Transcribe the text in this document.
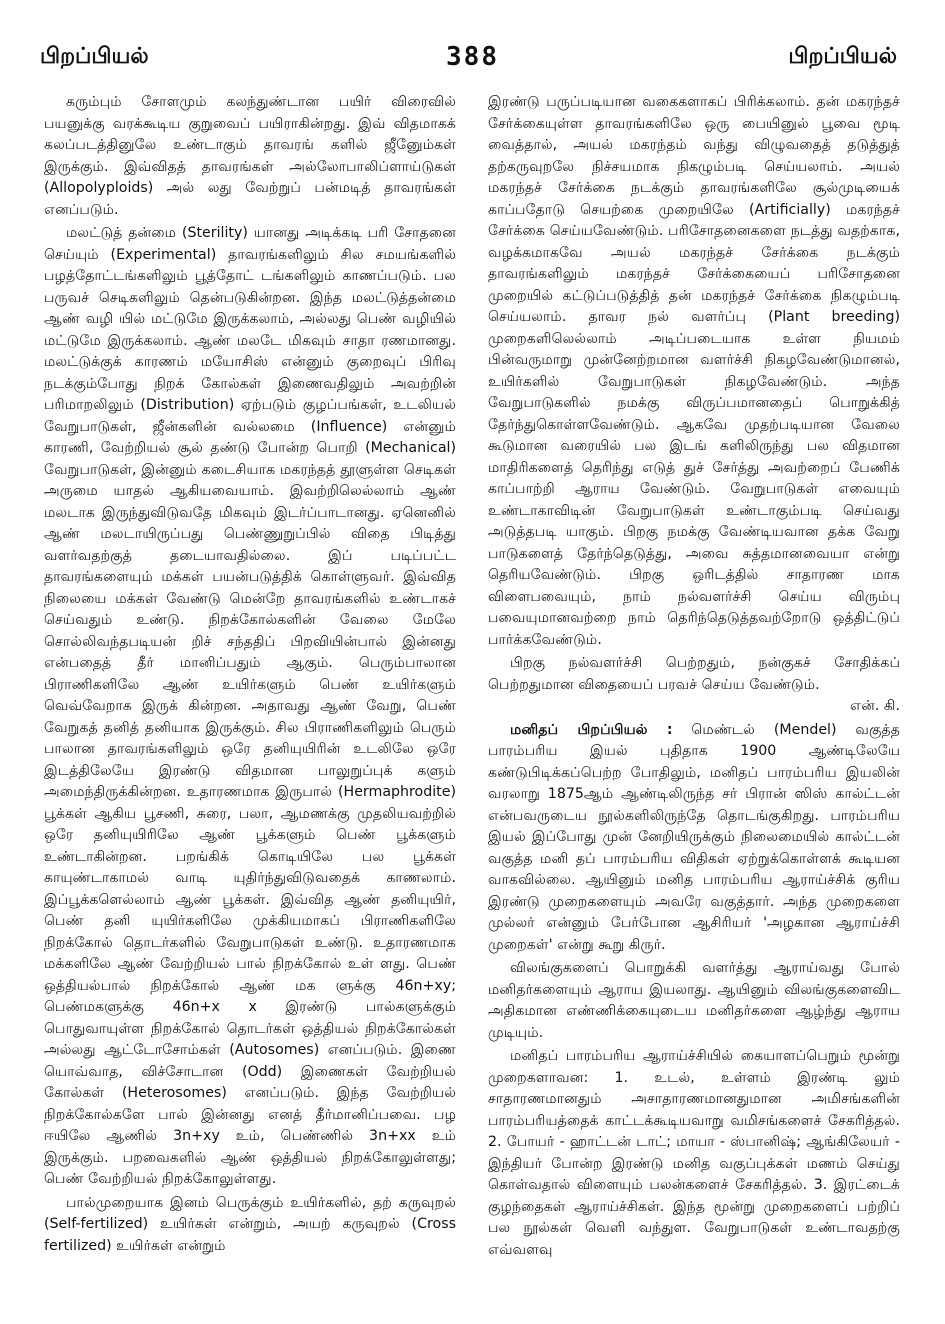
பிறப்பியல்	388	பிறப்பியல்

கரும்பும் சோளமும் கலந்துண்டான பயிர் விரைவில் பயனுக்கு வரக்கூடிய குறுவைப் பயிராகின்றது. இவ் விதமாகக் கலப்படத்தினுலே உண்டாகும் தாவரங் களில் ஜீனுேம்கள் இருக்கும். இவ்விதத் தாவரங்கள் அல்லோபாலிப்ளாய்டுகள் (Allopolyploids) அல் லது வேற்றுப் பன்மடித் தாவரங்கள் எனப்படும்.

மலட்டுத் தன்மை (Sterility) யானது அடிக்கடி பரி சோதனை செய்யும் (Experimental) தாவரங்களிலும் சில சமயங்களில் பழத்தோட்டங்களிலும் பூத்தோட் டங்களிலும் காணப்படும். பல பருவச் செடிகளிலும் தென்படுகின்றன. இந்த மலட்டுத்தன்மை ஆண் வழி யில் மட்டுமே இருக்கலாம், அல்லது பெண் வழியில் மட்டுமே இருக்கலாம். ஆண் மலடே மிகவும் சாதா ரணமானது. மலட்டுக்குக் காரணம் மயோசிஸ் என்னும் குறைவுப் பிரிவு நடக்கும்போது நிறக் கோல்கள் இணைவதிலும் அவற்றின் பரிமாறலிலும் (Distribution) ஏற்படும் குழப்பங்கள், உடலியல் வேறுபாடுகள், ஜீன்களின் வல்லமை (Influence) என்னும் காரணி, வேற்றியல் சூல் தண்டு போன்ற பொறி (Mechanical) வேறுபாடுகள், இன்னும் கடைசியாக மகரந்தத் தூளுள்ள செடிகள் அருமை யாதல் ஆகியவையாம். இவற்றிலெல்லாம் ஆண் மலடாக இருந்துவிடுவதே மிகவும் இடர்ப்பாடானது. ஏனெனில் ஆண் மலடாயிருப்பது பெண்ணுறுப்பில் விதை பிடித்து வளர்வதற்குத் தடையாவதில்லை. இப் படிப்பட்ட தாவரங்களையும் மக்கள் பயன்படுத்திக் கொள்ளுவர். இவ்வித நிலையை மக்கள் வேண்டு மென்றே தாவரங்களில் உண்டாகச் செய்வதும் உண்டு. நிறக்கோல்களின் வேலை மேலே சொல்லிவந்தபடியன் றிச் சந்ததிப் பிறவியின்பால் இன்னது என்பதைத் தீர் மானிப்பதும் ஆகும். பெரும்பாலான பிராணிகளிலே ஆண் உயிர்களும் பெண் உயிர்களும் வெவ்வேறாக இருக் கின்றன. அதாவது ஆண் வேறு, பெண் வேறுகத் தனித் தனியாக இருக்கும். சில பிராணிகளிலும் பெரும் பாலான தாவரங்களிலும் ஒரே தனியுயிரின் உடலிலே ஒரே இடத்திலேயே இரண்டு விதமான பாலுறுப்புக் களும் அமைந்திருக்கின்றன. உதாரணமாக இருபால் (Hermaphrodite) பூக்கள் ஆகிய பூசணி, சுரை, பலா, ஆமணக்கு முதலியவற்றில் ஒரே தனியுயிரிலே ஆண் பூக்களும் பெண் பூக்களும் உண்டாகின்றன. பறங்கிக் கொடியிலே பல பூக்கள் காயுண்டாகாமல் வாடி யுதிர்ந்துவிடுவதைக் காணலாம். இப்பூக்களெல்லாம் ஆண் பூக்கள். இவ்வித ஆண் தனியுயிர், பெண் தனி யுயிர்களிலே முக்கியமாகப் பிராணிகளிலே நிறக்கோல் தொடர்களில் வேறுபாடுகள் உண்டு. உதாரணமாக மக்களிலே ஆண் வேற்றியல் பால் நிறக்கோல் உள் ளது. பெண் ஒத்தியல்பால் நிறக்கோல் ஆண் மக ளுக்கு 46n+xy; பெண்மகளுக்கு 46n+x x இரண்டு பால்களுக்கும் பொதுவாயுள்ள நிறக்கோல் தொடர்கள் ஒத்தியல் நிறக்கோல்கள் அல்லது ஆட்டோசோம்கள் (Autosomes) எனப்படும். இணை யொவ்வாத, விச்சோடான (Odd) இணைகள் வேற்றியல் கோல்கள் (Heterosomes) எனப்படும். இந்த வேற்றியல் நிறக்கோல்களே பால் இன்னது எனத் தீர்மானிப்பவை. பழ ஈயிலே ஆணில் 3n+xy உம், பெண்ணில் 3n+xx உம் இருக்கும். பறவைகளில் ஆண் ஒத்தியல் நிறக்கோலுள்ளது; பெண் வேற்றியல் நிறக்கோலுள்ளது.

பால்முறையாக இனம் பெருக்கும் உயிர்களில், தற் கருவுறல் (Self-fertilized) உயிர்கள் என்றும், அயற் கருவுறல் (Cross fertilized) உயிர்கள் என்றும்

இரண்டு பருப்படியான வகைகளாகப் பிரிக்கலாம். தன் மகரந்தச் சேர்க்கையுள்ள தாவரங்களிலே ஒரு பையினுல் பூவை மூடி வைத்தால், அயல் மகரந்தம் வந்து விழுவதைத் தடுத்துத் தற்கருவுறலே நிச்சயமாக நிகழும்படி செய்யலாம். அயல் மகரந்தச் சேர்க்கை நடக்கும் தாவரங்களிலே சூல்முடியைக் காப்பதோடு செயற்கை முறையிலே (Artificially) மகரந்தச் சேர்க்கை செய்யவேண்டும். பரிசோதனைகளை நடத்து வதற்காக, வழக்கமாகவே அயல் மகரந்தச் சேர்க்கை நடக்கும் தாவரங்களிலும் மகரந்தச் சேர்க்கையைப் பரிசோதனை முறையில் கட்டுப்படுத்தித் தன் மகரந்தச் சேர்க்கை நிகழும்படி செய்யலாம். தாவர நல் வளர்ப்பு (Plant breeding) முறைகளிலெல்லாம் அடிப்படையாக உள்ள நியமம் பின்வருமாறு முன்னேற்றமான வளர்ச்சி நிகழவேண்டுமானல், உயிர்களில் வேறுபாடுகள் நிகழவேண்டும். அந்த வேறுபாடுகளில் நமக்கு விருப்பமானதைப் பொறுக்கித் தேர்ந்துகொள்ளவேண்டும். ஆகவே முதற்படியான வேலை கூடுமான வரையில் பல இடங் களிலிருந்து பல விதமான மாதிரிகளைத் தெரிந்து எடுத் துச் சேர்த்து அவற்றைப் பேணிக் காப்பாற்றி ஆராய வேண்டும். வேறுபாடுகள் எவையும் உண்டாகாவிடின் வேறுபாடுகள் உண்டாகும்படி செய்வது அடுத்தபடி யாகும். பிறகு நமக்கு வேண்டியவான தக்க வேறு பாடுகளைத் தேர்ந்தெடுத்து, அவை சுத்தமானவையா என்று தெரியவேண்டும். பிறகு ஒரிடத்தில் சாதாரண மாக விளைபவையும், நாம் நல்வளர்ச்சி செய்ய விரும்பு பவையுமானவற்றை நாம் தெரிந்தெடுத்தவற்றோடு ஒத்திட்டுப் பார்க்கவேண்டும்.

பிறகு நல்வளர்ச்சி பெற்றதும், நன்குகச் சோதிக்கப் பெற்றதுமான விதையைப் பரவச் செய்ய வேண்டும்.

என். கி.

மனிதப் பிறப்பியல் : மெண்டல் (Mendel) வகுத்த பாரம்பரிய இயல் புதிதாக 1900 ஆண்டிலேயே கண்டுபிடிக்கப்பெற்ற போதிலும், மனிதப் பாரம்பரிய இயலின் வரலாறு 1875ஆம் ஆண்டிலிருந்த சர் பிரான் ஸிஸ் கால்ட்டன் என்பவருடைய நூல்களிலிருந்தே தொடங்குகிறது. பாரம்பரிய இயல் இப்போது முன் னேறியிருக்கும் நிலைமையில் கால்ட்டன் வகுத்த மனி தப் பாரம்பரிய விதிகள் ஏற்றுக்கொள்ளக் கூடியன வாகவில்லை. ஆயினும் மனித பாரம்பரிய ஆராய்ச்சிக் குரிய இரண்டு முறைகளையும் அவரே வகுத்தார். அந்த முறைகளை முல்லர் என்னும் பேர்போன ஆசிரியர் 'அழகான ஆராய்ச்சி முறைகள்' என்று கூறு கிருர்.

விலங்குகளைப் பொறுக்கி வளர்த்து ஆராய்வது போல் மனிதர்களையும் ஆராய இயலாது. ஆயினும் விலங்குகளைவிட அதிகமான எண்ணிக்கையுடைய மனிதர்களை ஆழ்ந்து ஆராய முடியும்.

மனிதப் பாரம்பரிய ஆராய்ச்சியில் கையாளப்பெறும் மூன்று முறைகளாவன: 1. உடல், உள்ளம் இரண்டி லும் சாதாரணமானதும் அசாதாரணமானதுமான அமிசங்களின் பாரம்பரியத்தைக் காட்டக்கூடியவாறு வமிசங்களைச் சேகரித்தல். 2. போயர் - ஹாட்டன் டாட்; மாயா - ஸ்பானிஷ்; ஆங்கிலேயர் - இந்தியர் போன்ற இரண்டு மனித வகுப்புக்கள் மணம் செய்து கொள்வதால் விளையும் பலன்களைச் சேகரித்தல். 3. இரட்டைக் குழந்தைகள் ஆராய்ச்சிகள். இந்த மூன்று முறைகளைப் பற்றிப் பல நூல்கள் வெளி வந்துள. வேறுபாடுகள் உண்டாவதற்கு எவ்வளவு
